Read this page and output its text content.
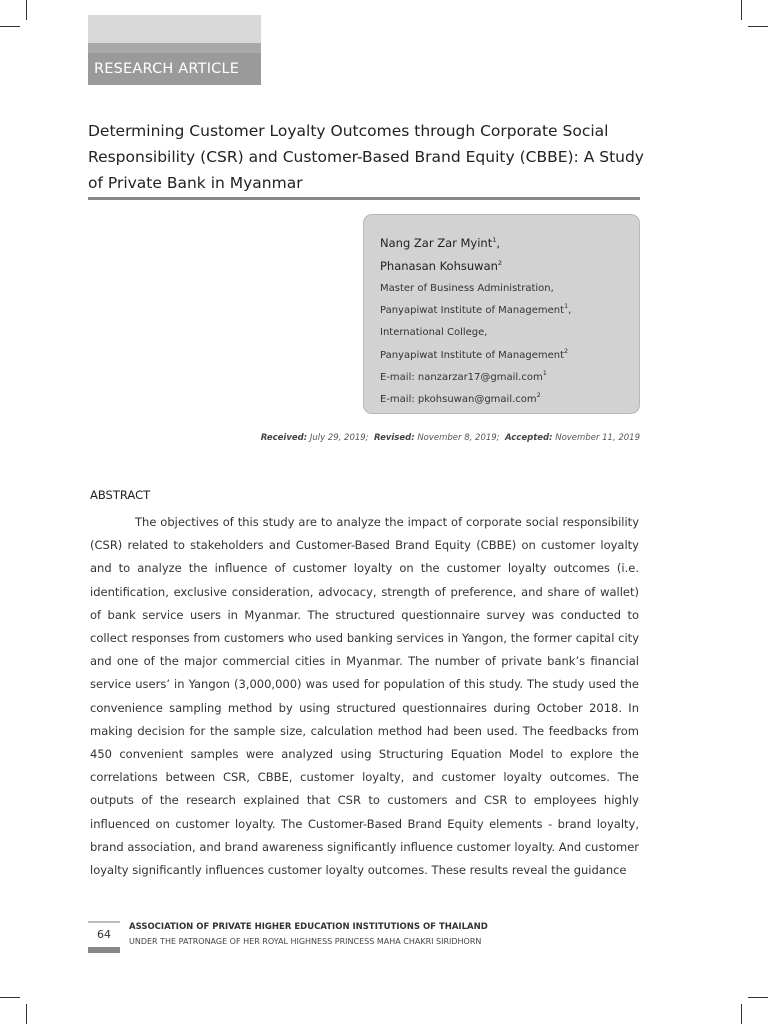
RESEARCH ARTICLE
Determining Customer Loyalty Outcomes through Corporate Social
Responsibility (CSR) and Customer-Based Brand Equity (CBBE): A Study
of Private Bank in Myanmar
Nang Zar Zar Myint$^1$,
Phanasan Kohsuwan$^2$
Master of Business Administration,
Panyapiwat Institute of Management$^1$,
International College,
Panyapiwat Institute of Management$^2$
E-mail: nanzarzar17@gmail.com$^1$
E-mail: pkohsuwan@gmail.com$^2$
Received: July 29, 2019; Revised: November 8, 2019; Accepted: November 11, 2019
ABSTRACT

The objectives of this study are to analyze the impact of corporate social responsibility (CSR) related to stakeholders and Customer-Based Brand Equity (CBBE) on customer loyalty and to analyze the influence of customer loyalty on the customer loyalty outcomes (i.e. identification, exclusive consideration, advocacy, strength of preference, and share of wallet) of bank service users in Myanmar. The structured questionnaire survey was conducted to collect responses from customers who used banking services in Yangon, the former capital city and one of the major commercial cities in Myanmar. The number of private bank’s financial service users’ in Yangon (3,000,000) was used for population of this study. The study used the convenience sampling method by using structured questionnaires during October 2018. In making decision for the sample size, calculation method had been used. The feedbacks from 450 convenient samples were analyzed using Structuring Equation Model to explore the correlations between CSR, CBBE, customer loyalty, and customer loyalty outcomes. The outputs of the research explained that CSR to customers and CSR to employees highly influenced on customer loyalty. The Customer-Based Brand Equity elements - brand loyalty, brand association, and brand awareness significantly influence customer loyalty. And customer loyalty significantly influences customer loyalty outcomes. These results reveal the guidance

64
ASSOCIATION OF PRIVATE HIGHER EDUCATION INSTITUTIONS OF THAILAND
UNDER THE PATRONAGE OF HER ROYAL HIGHNESS PRINCESS MAHA CHAKRI SIRIDHORN
